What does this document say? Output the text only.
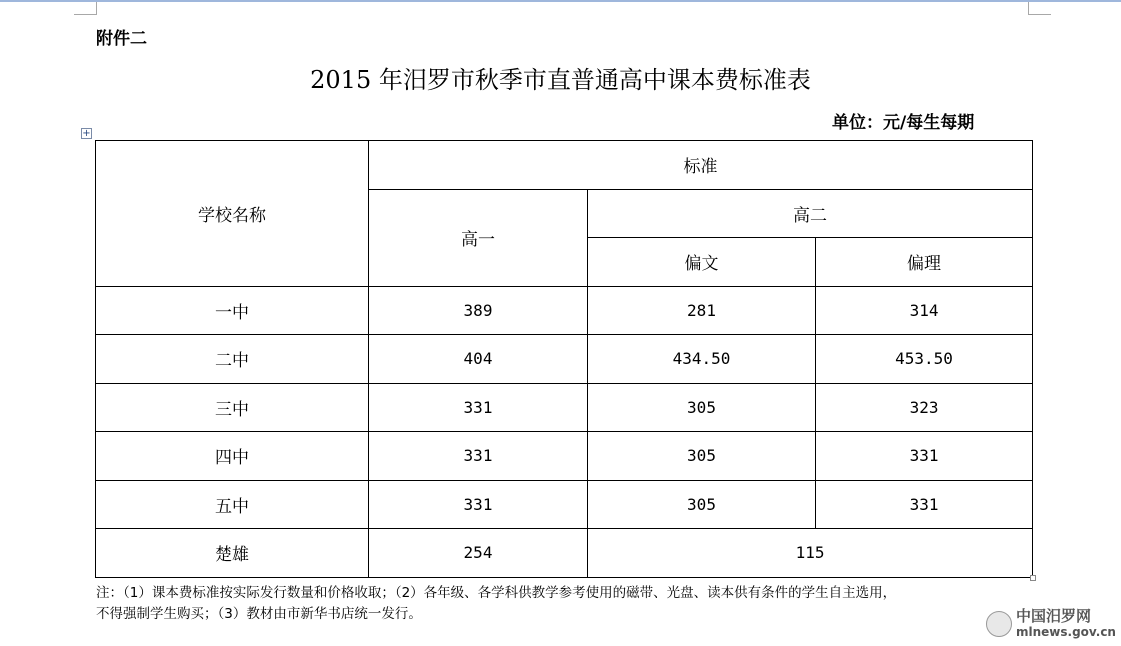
附件二
2015 年汨罗市秋季市直普通高中课本费标准表
单位：元/每生每期
+
学校名称	标准		
	高一	高二	
		偏文	偏理
一中	389	281	314
二中	404	434.50	453.50
三中	331	305	323
四中	331	305	331
五中	331	305	331
楚雄	254	115	
注：（1）课本费标准按实际发行数量和价格收取；（2）各年级、各学科供教学参考使用的磁带、光盘、读本供有条件的学生自主选用，
不得强制学生购买；（3）教材由市新华书店统一发行。	中国汨罗网
mlnews.gov.cn
